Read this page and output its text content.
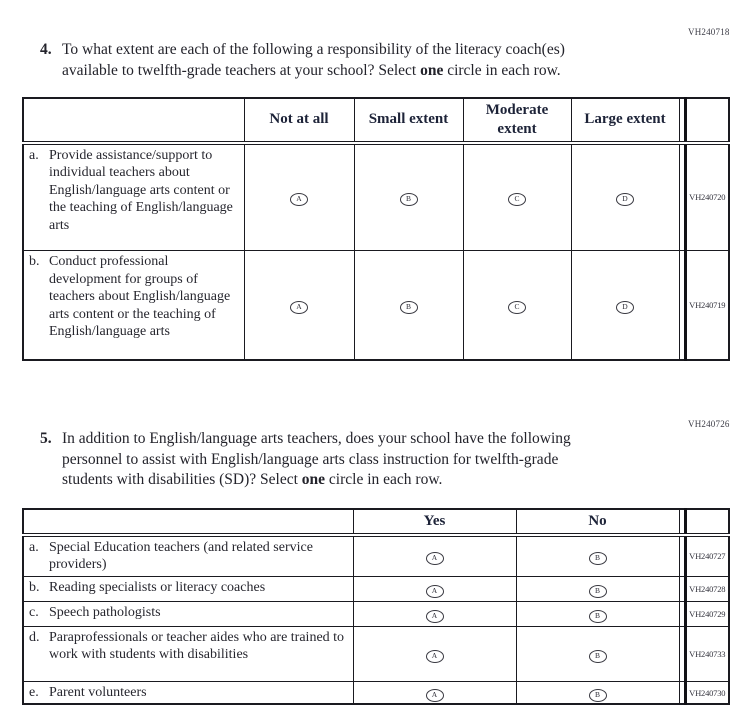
VH240718
4. To what extent are each of the following a responsibility of the literacy coach(es)
available to twelfth-grade teachers at your school? Select one circle in each row.
	Not at all	Small extent	Moderate extent	Large extent		

a. Provide assistance/support to individual teachers about English/language arts content or the teaching of English/language arts	A	B	C	D		VH240720

b. Conduct professional development for groups of teachers about English/language arts content or the teaching of English/language arts	A	B	C	D		VH240719
VH240726
5. In addition to English/language arts teachers, does your school have the following
personnel to assist with English/language arts class instruction for twelfth-grade
students with disabilities (SD)? Select one circle in each row.
	Yes	No		

a. Special Education teachers (and related service providers)	A	B		VH240727

b. Reading specialists or literacy coaches	A	B		VH240728

c. Speech pathologists	A	B		VH240729

d. Paraprofessionals or teacher aides who are trained to work with students with disabilities	A	B		VH240733

e. Parent volunteers	A	B		VH240730
